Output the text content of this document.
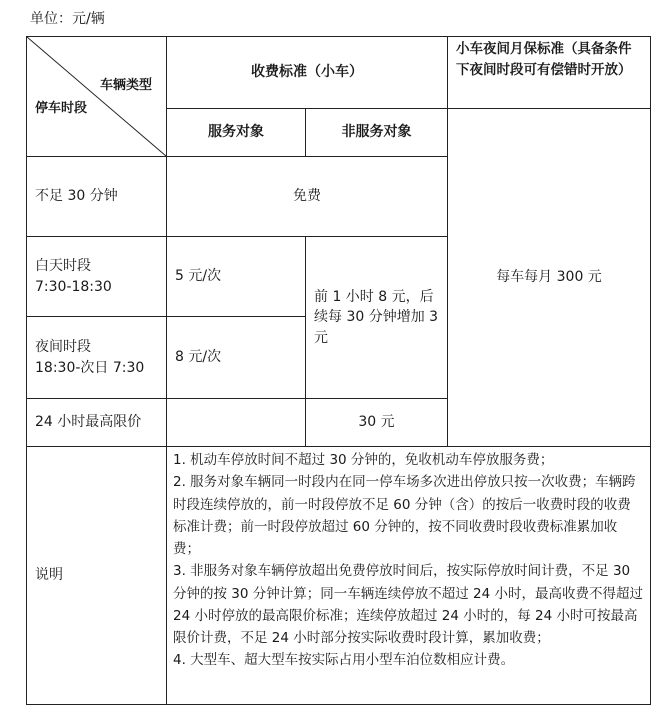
单位：元/辆
车辆类型
停车时段	收费标准（小车）		小车夜间月保标准（具备条件下夜间时段可有偿错时开放）
	服务对象	非服务对象	每车每月 300 元
不足 30 分钟	免费		

白天时段
7:30-18:30	5 元/次	前 1 小时 8 元，后续每 30 分钟增加 3 元	

夜间时段
18:30-次日 7:30	8 元/次		
24 小时最高限价		30 元	
说明	1. 机动车停放时间不超过 30 分钟的，免收机动车停放服务费；
2. 服务对象车辆同一时段内在同一停车场多次进出停放只按一次收费；车辆跨时段连续停放的，前一时段停放不足 60 分钟（含）的按后一收费时段的收费标准计费；前一时段停放超过 60 分钟的，按不同收费时段收费标准累加收费；
3. 非服务对象车辆停放超出免费停放时间后，按实际停放时间计费，不足 30 分钟的按 30 分钟计算；同一车辆连续停放不超过 24 小时，最高收费不得超过 24 小时停放的最高限价标准；连续停放超过 24 小时的，每 24 小时可按最高限价计费，不足 24 小时部分按实际收费时段计算，累加收费；
4. 大型车、超大型车按实际占用小型车泊位数相应计费。		
